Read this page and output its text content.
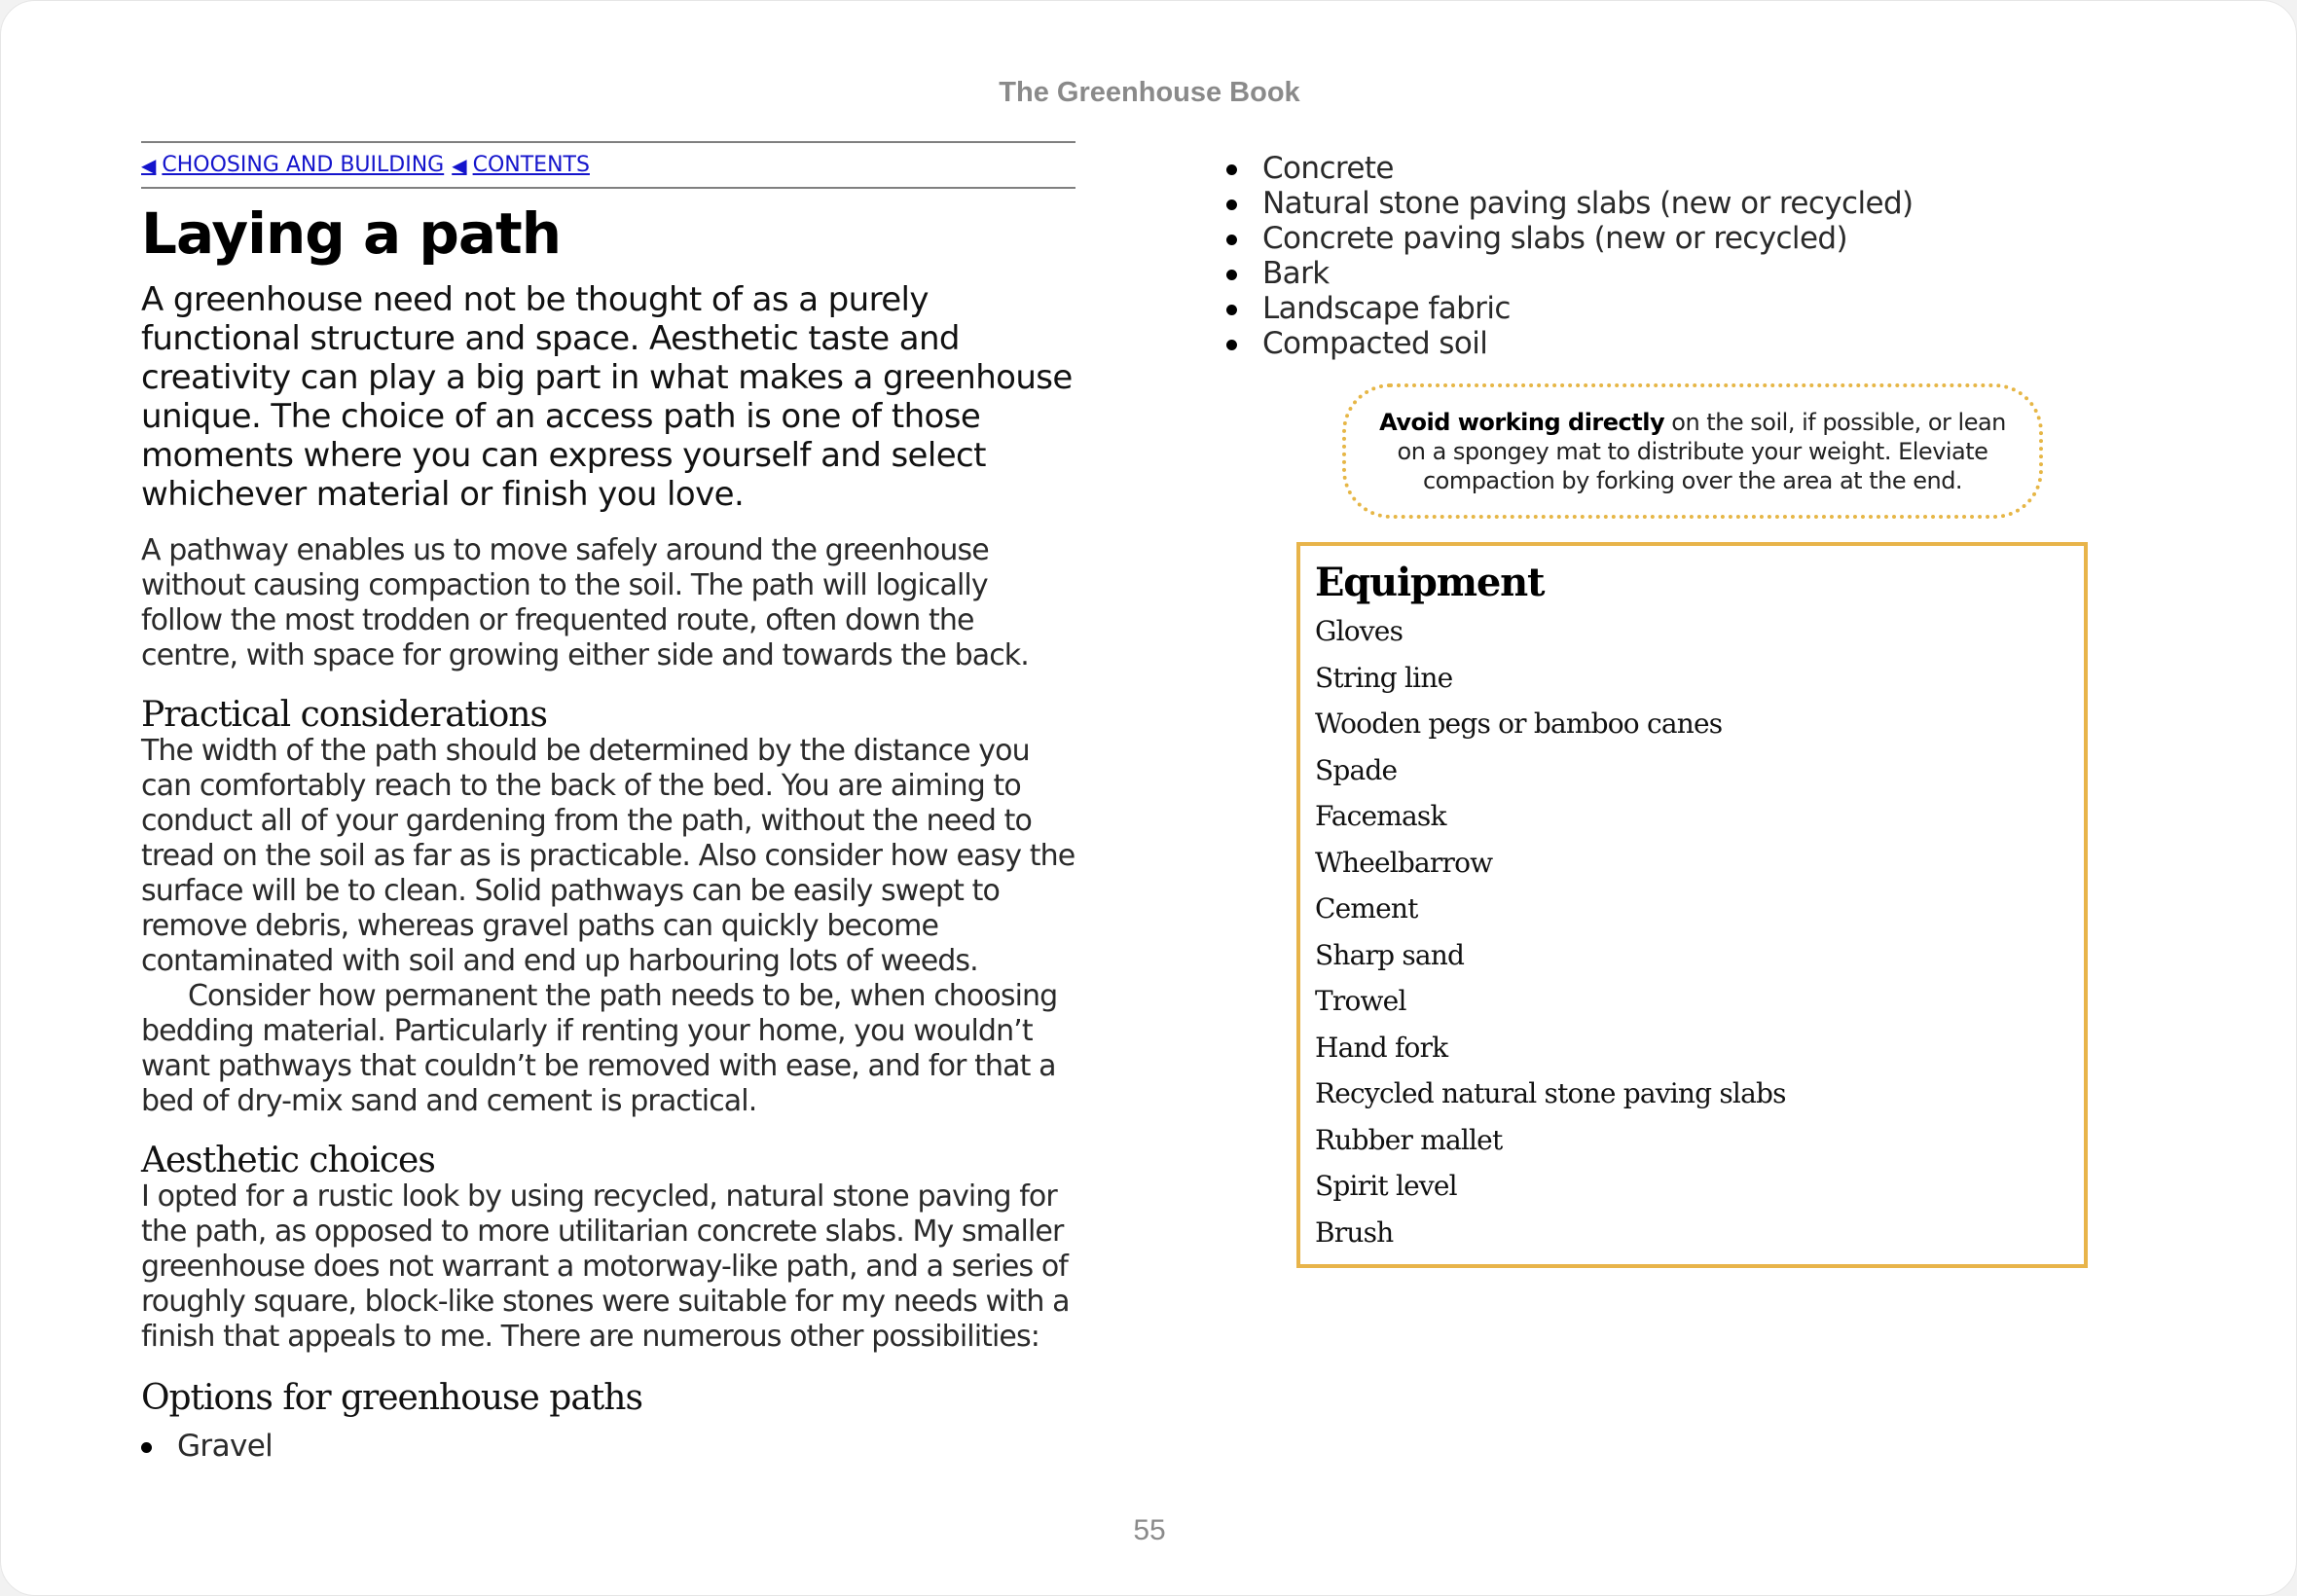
The Greenhouse Book
◀ CHOOSING AND BUILDING ◀ CONTENTS
Laying a path

A greenhouse need not be thought of as a purely functional structure and space. Aesthetic taste and creativity can play a big part in what makes a greenhouse unique. The choice of an access path is one of those moments where you can express yourself and select whichever material or finish you love.

A pathway enables us to move safely around the greenhouse without causing compaction to the soil. The path will logically follow the most trodden or frequented route, often down the centre, with space for growing either side and towards the back.

Practical considerations

The width of the path should be determined by the distance you can comfortably reach to the back of the bed. You are aiming to conduct all of your gardening from the path, without the need to tread on the soil as far as is practicable. Also consider how easy the surface will be to clean. Solid pathways can be easily swept to remove debris, whereas gravel paths can quickly become contaminated with soil and end up harbouring lots of weeds.

Consider how permanent the path needs to be, when choosing bedding material. Particularly if renting your home, you wouldn’t want pathways that couldn’t be removed with ease, and for that a bed of dry-mix sand and cement is practical.

Aesthetic choices

I opted for a rustic look by using recycled, natural stone paving for the path, as opposed to more utilitarian concrete slabs. My smaller greenhouse does not warrant a motorway-like path, and a series of roughly square, block-like stones were suitable for my needs with a finish that appeals to me. There are numerous other possibilities:

Options for greenhouse paths
Gravel
Concrete
Natural stone paving slabs (new or recycled)
Concrete paving slabs (new or recycled)
Bark
Landscape fabric
Compacted soil
Avoid working directly on the soil, if possible, or lean on a spongey mat to distribute your weight. Eleviate compaction by forking over the area at the end.
Equipment
Gloves
String line
Wooden pegs or bamboo canes
Spade
Facemask
Wheelbarrow
Cement
Sharp sand
Trowel
Hand fork
Recycled natural stone paving slabs
Rubber mallet
Spirit level
Brush
55
